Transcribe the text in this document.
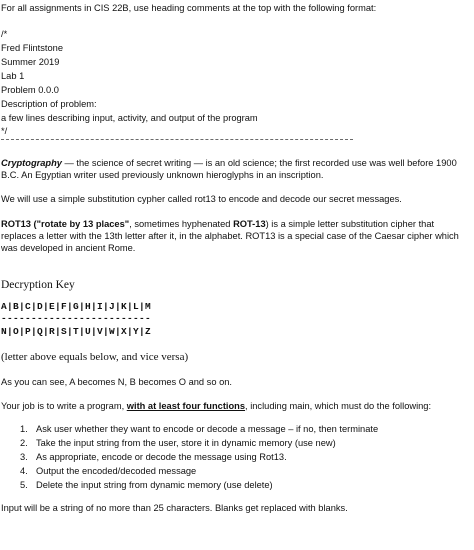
For all assignments in CIS 22B, use heading comments at the top with the following format:
/*
Fred Flintstone
Summer 2019
Lab 1
Problem 0.0.0
Description of problem:
a few lines describing input, activity, and output of the program
*/
Cryptography — the science of secret writing — is an old science; the first recorded use was well before 1900 B.C. An Egyptian writer used previously unknown hieroglyphs in an inscription.
We will use a simple substitution cypher called rot13 to encode and decode our secret messages.
ROT13 ("rotate by 13 places", sometimes hyphenated ROT-13) is a simple letter substitution cipher that replaces a letter with the 13th letter after it, in the alphabet. ROT13 is a special case of the Caesar cipher which was developed in ancient Rome.
Decryption Key
A|B|C|D|E|F|G|H|I|J|K|L|M
-------------------------
N|O|P|Q|R|S|T|U|V|W|X|Y|Z
(letter above equals below, and vice versa)
As you can see, A becomes N, B becomes O and so on.
Your job is to write a program, with at least four functions, including main, which must do the following:
1. Ask user whether they want to encode or decode a message – if no, then terminate
2. Take the input string from the user, store it in dynamic memory (use new)
3. As appropriate, encode or decode the message using Rot13.
4. Output the encoded/decoded message
5. Delete the input string from dynamic memory (use delete)
Input will be a string of no more than 25 characters. Blanks get replaced with blanks.
